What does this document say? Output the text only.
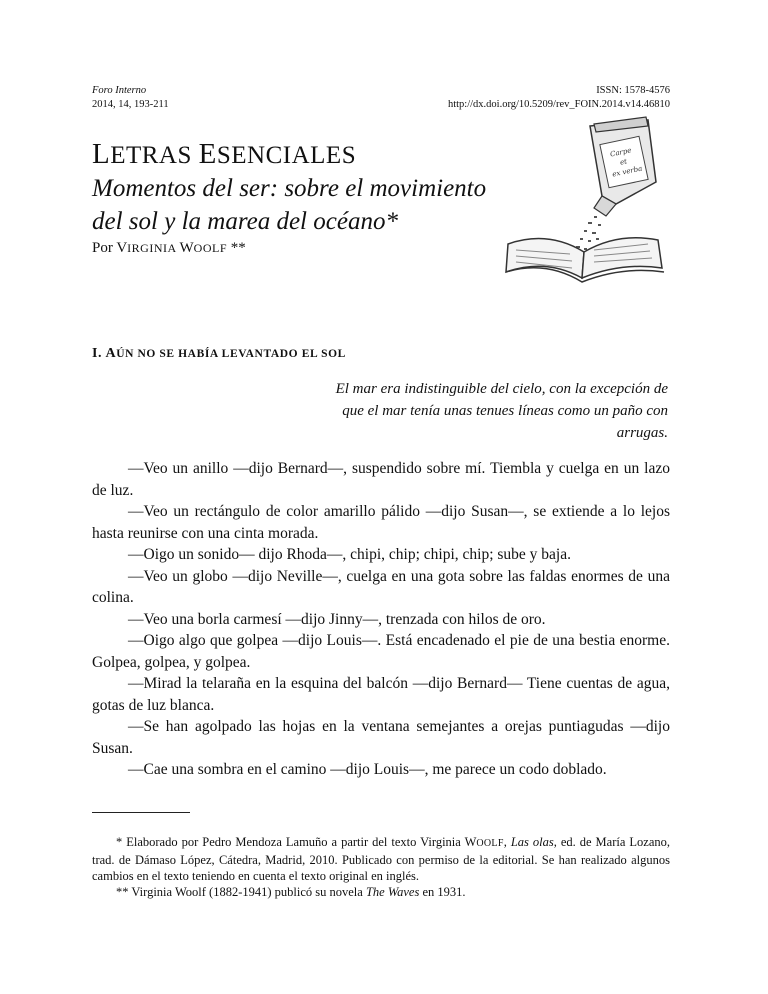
Foro Interno
2014, 14, 193-211
ISSN: 1578-4576
http://dx.doi.org/10.5209/rev_FOIN.2014.v14.46810
LETRAS ESENCIALES
Momentos del ser: sobre el movimiento del sol y la marea del océano*
Por VIRGINIA WOOLF **
Carpe
et
ex verba
I. AÚN NO SE HABÍA LEVANTADO EL SOL
El mar era indistinguible del cielo, con la excepción de que el mar tenía unas tenues líneas como un paño con arrugas.

—Veo un anillo —dijo Bernard—, suspendido sobre mí. Tiembla y cuelga en un lazo de luz.

—Veo un rectángulo de color amarillo pálido —dijo Susan—, se extiende a lo lejos hasta reunirse con una cinta morada.

—Oigo un sonido— dijo Rhoda—, chipi, chip; chipi, chip; sube y baja.

—Veo un globo —dijo Neville—, cuelga en una gota sobre las faldas enormes de una colina.

—Veo una borla carmesí —dijo Jinny—, trenzada con hilos de oro.

—Oigo algo que golpea —dijo Louis—. Está encadenado el pie de una bestia enorme. Golpea, golpea, y golpea.

—Mirad la telaraña en la esquina del balcón —dijo Bernard— Tiene cuentas de agua, gotas de luz blanca.

—Se han agolpado las hojas en la ventana semejantes a orejas puntiagudas —dijo Susan.

—Cae una sombra en el camino —dijo Louis—, me parece un codo doblado.

* Elaborado por Pedro Mendoza Lamuño a partir del texto Virginia WOOLF, Las olas, ed. de María Lozano, trad. de Dámaso López, Cátedra, Madrid, 2010. Publicado con permiso de la editorial. Se han realizado algunos cambios en el texto teniendo en cuenta el texto original en inglés.

** Virginia Woolf (1882-1941) publicó su novela The Waves en 1931.
